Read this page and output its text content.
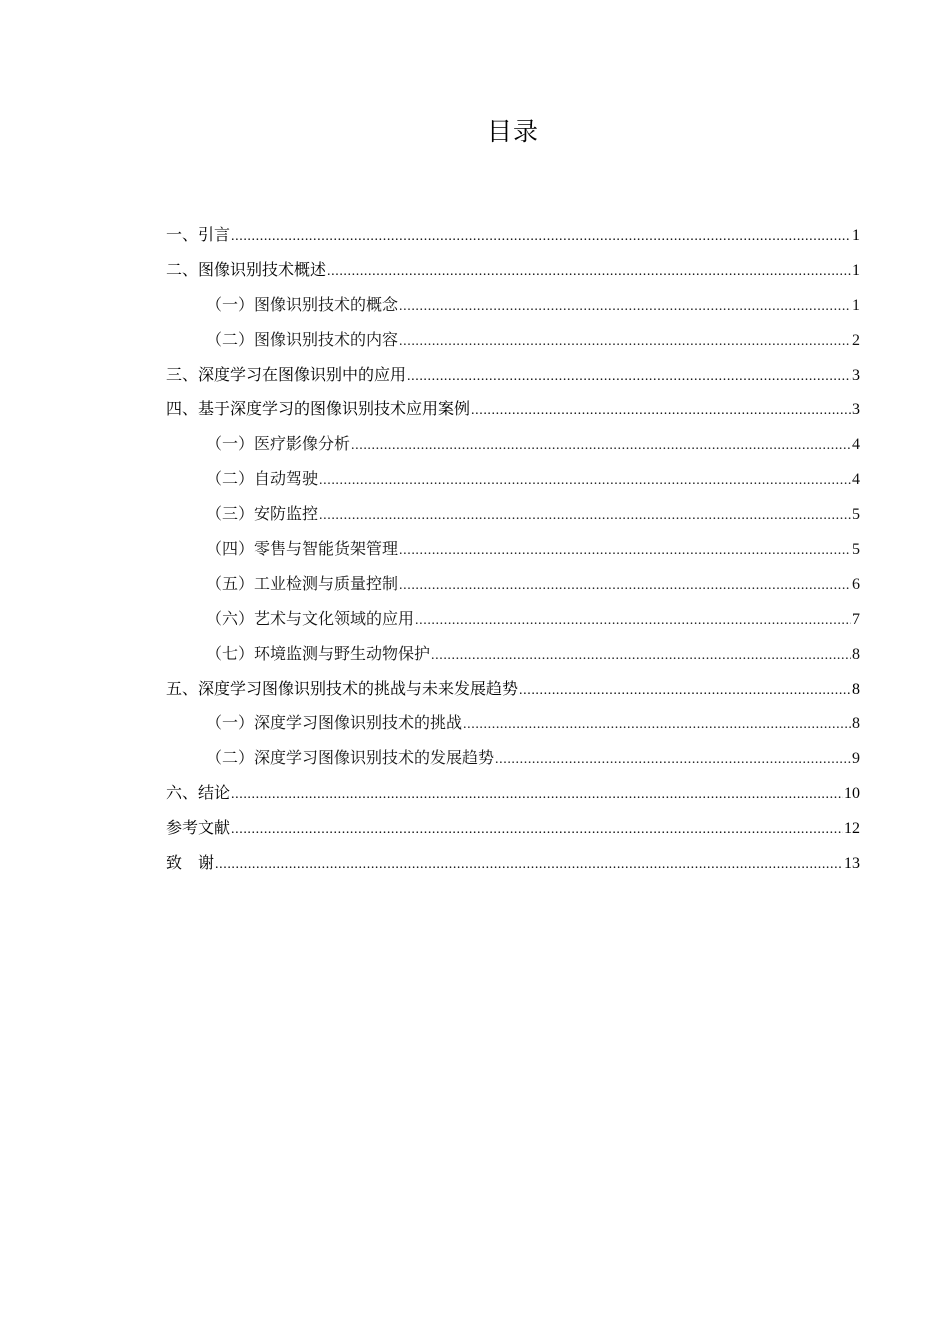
目录
一、引言 .....	1
二、图像识别技术概述 .....	1
（一）图像识别技术的概念 .....	1
（二）图像识别技术的内容 .....	2
三、深度学习在图像识别中的应用 .....	3
四、基于深度学习的图像识别技术应用案例 .....	3
（一）医疗影像分析 .....	4
（二）自动驾驶 .....	4
（三）安防监控 .....	5
（四）零售与智能货架管理 .....	5
（五）工业检测与质量控制 .....	6
（六）艺术与文化领域的应用 .....	7
（七）环境监测与野生动物保护 .....	8
五、深度学习图像识别技术的挑战与未来发展趋势 .....	8
（一）深度学习图像识别技术的挑战 .....	8
（二）深度学习图像识别技术的发展趋势 .....	9
六、结论 .....	10
参考文献 .....	12
致　谢 .....	13
